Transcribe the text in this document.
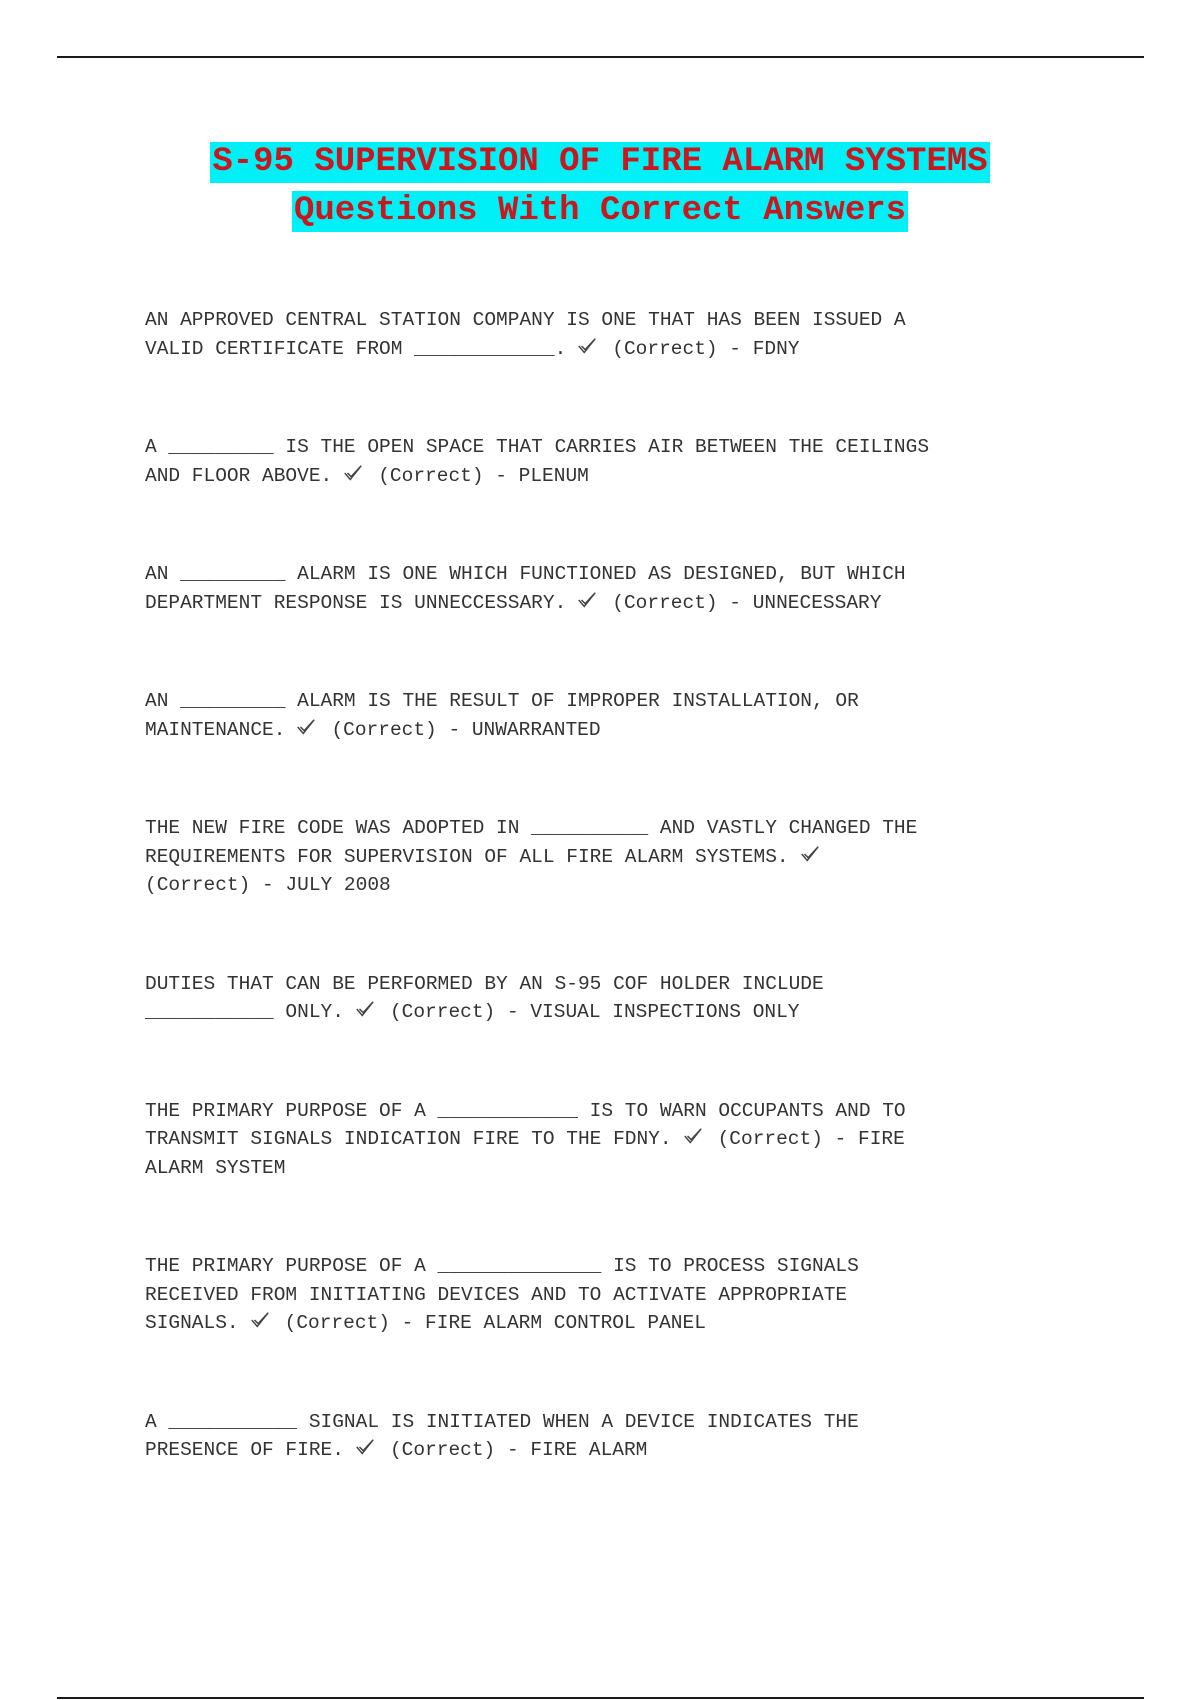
S-95 SUPERVISION OF FIRE ALARM SYSTEMS
Questions With Correct Answers
AN APPROVED CENTRAL STATION COMPANY IS ONE THAT HAS BEEN ISSUED A
VALID CERTIFICATE FROM ____________. (Correct) - FDNY
A _________ IS THE OPEN SPACE THAT CARRIES AIR BETWEEN THE CEILINGS
AND FLOOR ABOVE. (Correct) - PLENUM
AN _________ ALARM IS ONE WHICH FUNCTIONED AS DESIGNED, BUT WHICH
DEPARTMENT RESPONSE IS UNNECCESSARY. (Correct) - UNNECESSARY
AN _________ ALARM IS THE RESULT OF IMPROPER INSTALLATION, OR
MAINTENANCE. (Correct) - UNWARRANTED
THE NEW FIRE CODE WAS ADOPTED IN __________ AND VASTLY CHANGED THE
REQUIREMENTS FOR SUPERVISION OF ALL FIRE ALARM SYSTEMS.
(Correct) - JULY 2008
DUTIES THAT CAN BE PERFORMED BY AN S-95 COF HOLDER INCLUDE
___________ ONLY. (Correct) - VISUAL INSPECTIONS ONLY
THE PRIMARY PURPOSE OF A ____________ IS TO WARN OCCUPANTS AND TO
TRANSMIT SIGNALS INDICATION FIRE TO THE FDNY. (Correct) - FIRE
ALARM SYSTEM
THE PRIMARY PURPOSE OF A ______________ IS TO PROCESS SIGNALS
RECEIVED FROM INITIATING DEVICES AND TO ACTIVATE APPROPRIATE
SIGNALS. (Correct) - FIRE ALARM CONTROL PANEL
A ___________ SIGNAL IS INITIATED WHEN A DEVICE INDICATES THE
PRESENCE OF FIRE. (Correct) - FIRE ALARM
